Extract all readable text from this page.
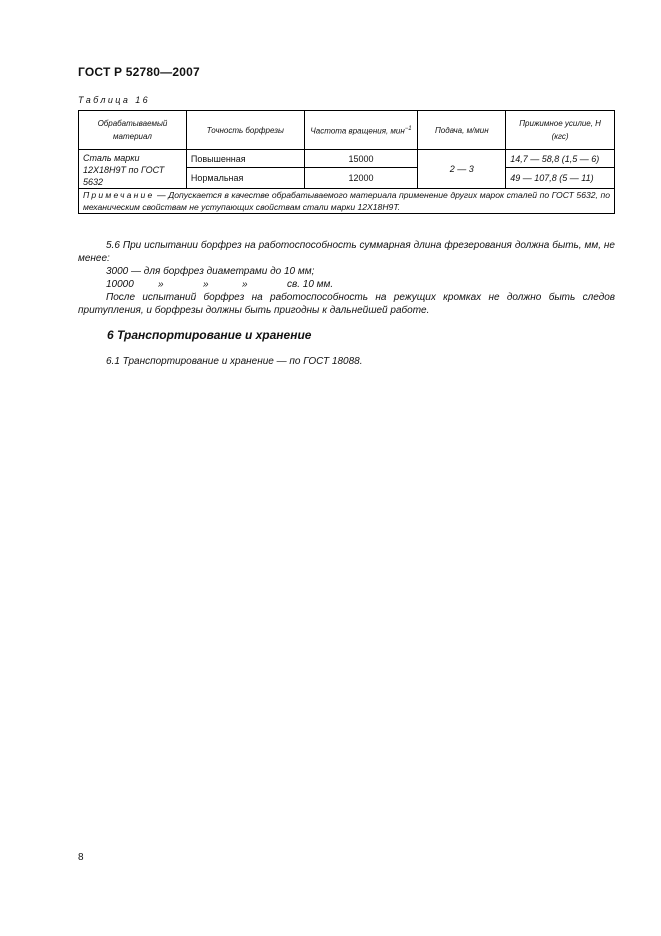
ГОСТ Р 52780—2007
Таблица 16
Обрабатываемый материал	Точность борфрезы	Частота вращения, мин$^{-1}$	Подача, м/мин	Прижимное усилие, Н (кгс)
Сталь марки 12Х18Н9Т по ГОСТ 5632	Повышенная	15000	2 — 3	14,7 — 58,8 (1,5 — 6)
	Нормальная	12000		49 — 107,8 (5 — 11)
Примечание — Допускается в качестве обрабатываемого материала применение других марок сталей по ГОСТ 5632, по механическим свойствам не уступающих свойствам стали марки 12Х18Н9Т.				
5.6 При испытании борфрез на работоспособность суммарная длина фрезерования должна быть, мм, не менее:
3000 — для борфрез диаметрами до 10 мм;
10000 »	»	»	св. 10 мм.
После испытаний борфрез на работоспособность на режущих кромках не должно быть следов притупления, и борфрезы должны быть пригодны к дальнейшей работе.
6 Транспортирование и хранение
6.1 Транспортирование и хранение — по ГОСТ 18088.
8
